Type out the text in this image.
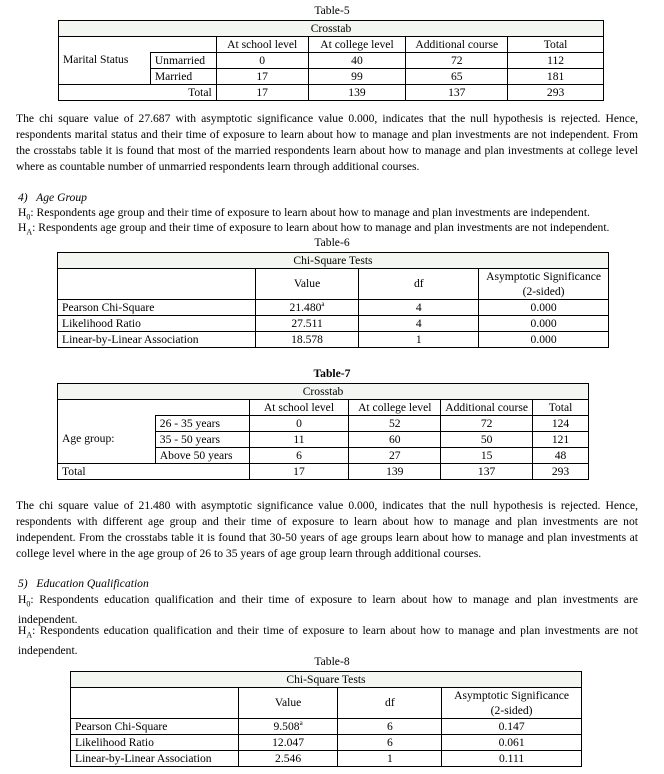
Table-5
Crosstab					
		At school level	At college level	Additional course	Total
Marital Status	Unmarried	0	40	72	112
	Married	17	99	65	181
Total		17	139	137	293
The chi square value of 27.687 with asymptotic significance value 0.000, indicates that the null hypothesis is rejected. Hence, respondents marital status and their time of exposure to learn about how to manage and plan investments are not independent. From the crosstabs table it is found that most of the married respondents learn about how to manage and plan investments at college level where as countable number of unmarried respondents learn through additional courses.
4) Age Group
$H_0$: Respondents age group and their time of exposure to learn about how to manage and plan investments are independent.
$H_A$: Respondents age group and their time of exposure to learn about how to manage and plan investments are not independent.
Table-6
Chi-Square Tests			
	Value	df	Asymptotic Significance
(2-sided)
Pearson Chi-Square	21.480$^a$	4	0.000
Likelihood Ratio	27.511	4	0.000
Linear-by-Linear Association	18.578	1	0.000
Table-7
Crosstab					
		At school level	At college level	Additional course	Total
Age group:	26 - 35 years	0	52	72	124
	35 - 50 years	11	60	50	121
	Above 50 years	6	27	15	48
Total		17	139	137	293
The chi square value of 21.480 with asymptotic significance value 0.000, indicates that the null hypothesis is rejected. Hence, respondents with different age group and their time of exposure to learn about how to manage and plan investments are not independent. From the crosstabs table it is found that 30-50 years of age groups learn about how to manage and plan investments at college level where in the age group of 26 to 35 years of age group learn through additional courses.
5) Education Qualification
$H_0$: Respondents education qualification and their time of exposure to learn about how to manage and plan investments are independent.
$H_A$: Respondents education qualification and their time of exposure to learn about how to manage and plan investments are not independent.
Table-8
Chi-Square Tests			
	Value	df	Asymptotic Significance
(2-sided)
Pearson Chi-Square	9.508$^a$	6	0.147
Likelihood Ratio	12.047	6	0.061
Linear-by-Linear Association	2.546	1	0.111
